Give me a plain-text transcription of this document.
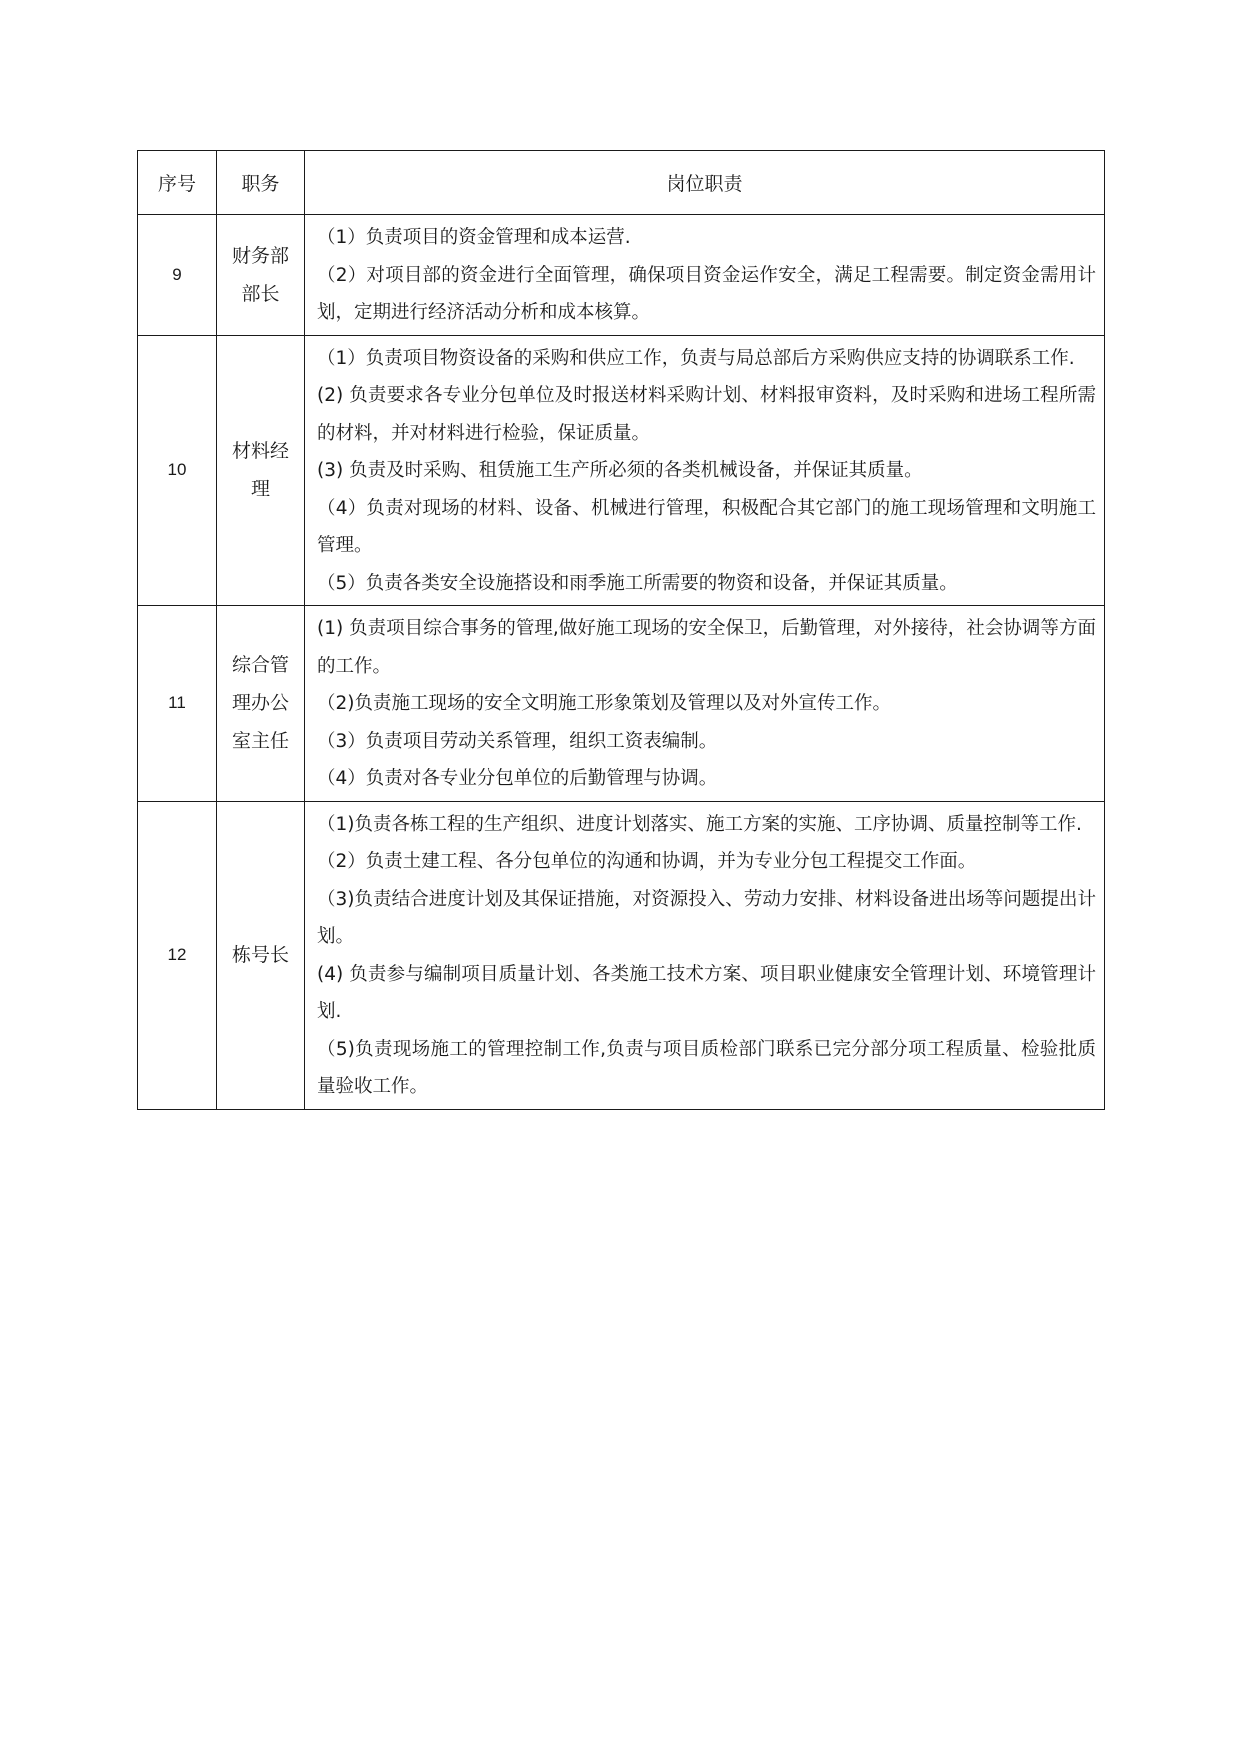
序号	职务	岗位职责
9	财务部部长	（1）负责项目的资金管理和成本运营.
（2）对项目部的资金进行全面管理，确保项目资金运作安全，满足工程需要。制定资金需用计划，定期进行经济活动分析和成本核算。

10	材料经理	（1）负责项目物资设备的采购和供应工作，负责与局总部后方采购供应支持的协调联系工作.
(2) 负责要求各专业分包单位及时报送材料采购计划、材料报审资料，及时采购和进场工程所需的材料，并对材料进行检验，保证质量。
(3) 负责及时采购、租赁施工生产所必须的各类机械设备，并保证其质量。
（4）负责对现场的材料、设备、机械进行管理，积极配合其它部门的施工现场管理和文明施工管理。
（5）负责各类安全设施搭设和雨季施工所需要的物资和设备，并保证其质量。

11	综合管理办公室主任	(1) 负责项目综合事务的管理,做好施工现场的安全保卫，后勤管理，对外接待，社会协调等方面的工作。
（2)负责施工现场的安全文明施工形象策划及管理以及对外宣传工作。
（3）负责项目劳动关系管理，组织工资表编制。
（4）负责对各专业分包单位的后勤管理与协调。

12	栋号长	（1)负责各栋工程的生产组织、进度计划落实、施工方案的实施、工序协调、质量控制等工作.
（2）负责土建工程、各分包单位的沟通和协调，并为专业分包工程提交工作面。
（3)负责结合进度计划及其保证措施，对资源投入、劳动力安排、材料设备进出场等问题提出计划。
(4) 负责参与编制项目质量计划、各类施工技术方案、项目职业健康安全管理计划、环境管理计划.
（5)负责现场施工的管理控制工作,负责与项目质检部门联系已完分部分项工程质量、检验批质量验收工作。
